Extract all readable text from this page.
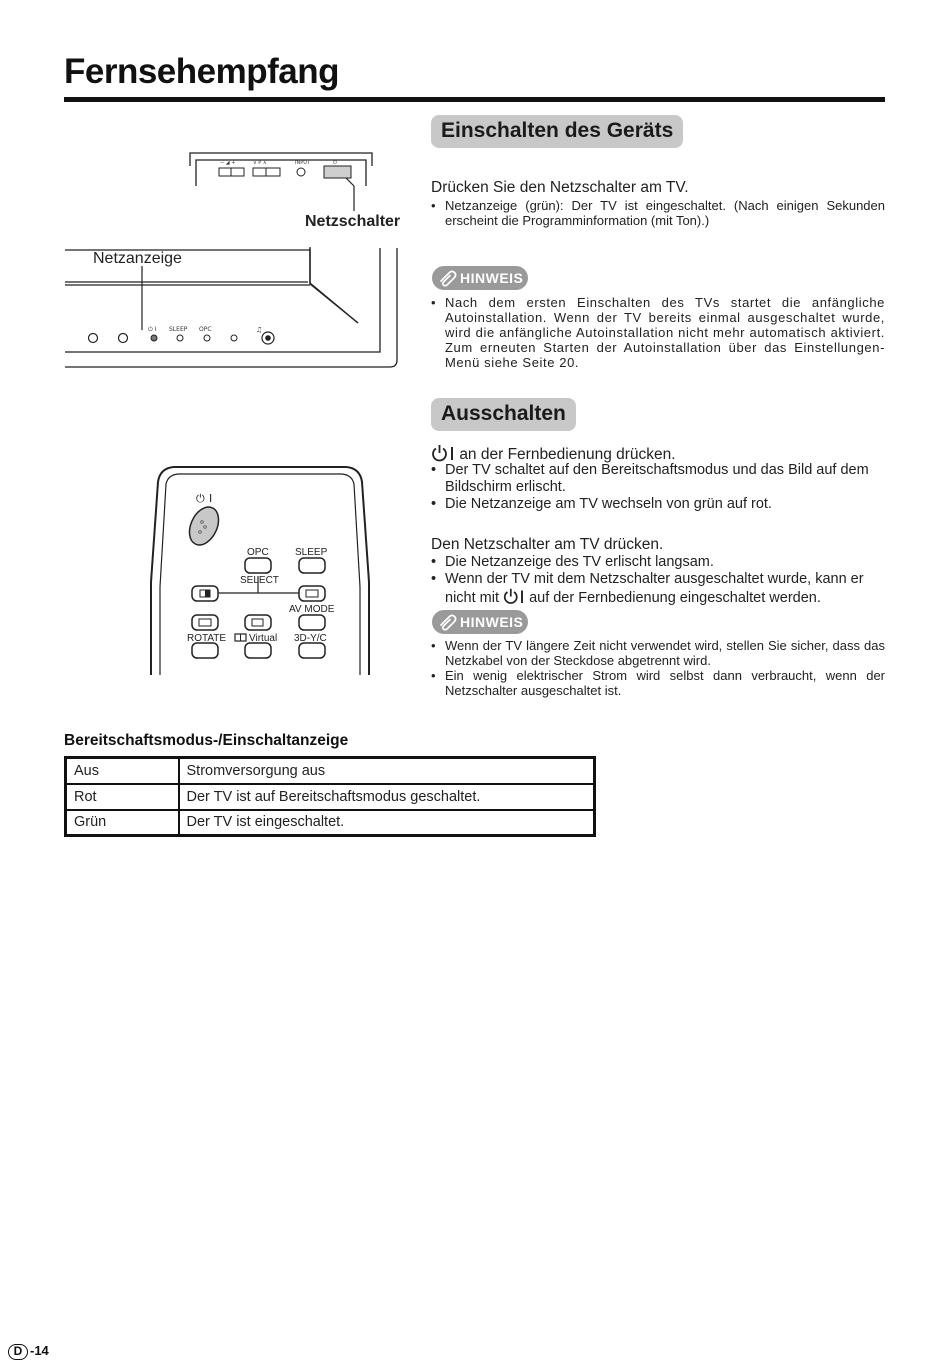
Fernsehempfang
− ◢ +	∨ P ∧	INPUT	⏻
⏻ I SLEEP OPC	♫
Netzschalter
Netzanzeige
⏻ I
OPC	SLEEP
SELECT
AV MODE
ROTATE Virtual 3D-Y/C
Einschalten des Geräts
Drücken Sie den Netzschalter am TV.
• Netzanzeige (grün): Der TV ist eingeschaltet. (Nach einigen Sekunden erscheint die Programminformation (mit Ton).)
HINWEIS
• Nach dem ersten Einschalten des TVs startet die anfängliche Autoinstallation. Wenn der TV bereits einmal ausgeschaltet wurde, wird die anfängliche Autoinstallation nicht mehr automatisch aktiviert. Zum erneuten Starten der Autoinstallation über das Einstellungen-Menü siehe Seite 20.
Ausschalten
an der Fernbedienung drücken.
• Der TV schaltet auf den Bereitschaftsmodus und das Bild auf dem Bildschirm erlischt.
• Die Netzanzeige am TV wechseln von grün auf rot.
Den Netzschalter am TV drücken.
• Die Netzanzeige des TV erlischt langsam.
• Wenn der TV mit dem Netzschalter ausgeschaltet wurde, kann er nicht mit auf der Fernbedienung eingeschaltet werden.
HINWEIS
• Wenn der TV längere Zeit nicht verwendet wird, stellen Sie sicher, dass das Netzkabel von der Steckdose abgetrennt wird.
• Ein wenig elektrischer Strom wird selbst dann verbraucht, wenn der Netzschalter ausgeschaltet ist.
Bereitschaftsmodus-/Einschaltanzeige
Aus	Stromversorgung aus
Rot	Der TV ist auf Bereitschaftsmodus geschaltet.
Grün	Der TV ist eingeschaltet.
D -14
